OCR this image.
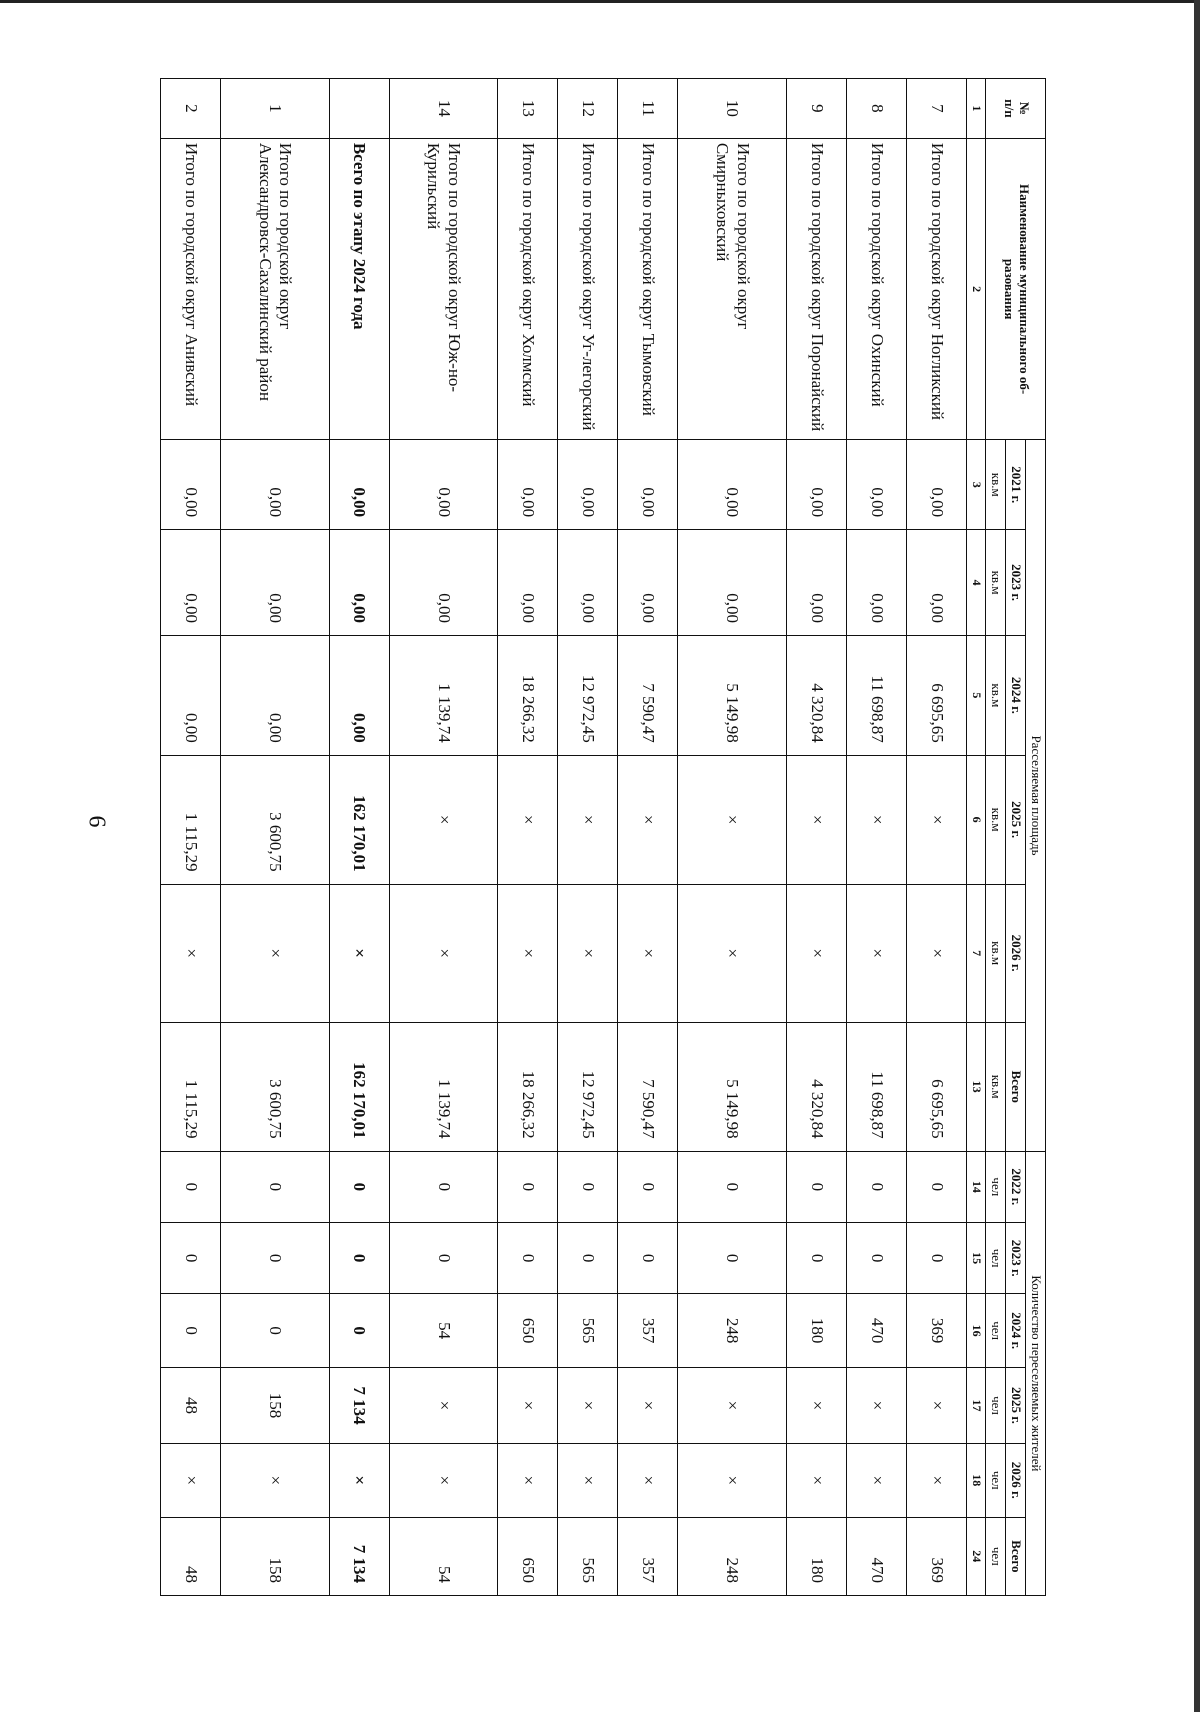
6
№
п/п	Наименование муниципального об-
разования	Расселяемая площадь						Количество переселяемых жителей					
		2021 г.	2023 г.	2024 г.	2025 г.	2026 г.	Всего	2022 г.	2023 г.	2024 г.	2025 г.	2026 г.	Всего
		кв.м	кв.м	кв.м	кв.м	кв.м	кв.м	чел	чел	чел	чел	чел	чел
1	2	3	4	5	6	7	13	14	15	16	17	18	24
7	Итого по городской округ Ногликский	0,00	0,00	6 695,65	×	×	6 695,65	0	0	369	×	×	369
8	Итого по городской округ Охинский	0,00	0,00	11 698,87	×	×	11 698,87	0	0	470	×	×	470
9	Итого по городской округ Поронайский	0,00	0,00	4 320,84	×	×	4 320,84	0	0	180	×	×	180
10	Итого по городской округ Смирныховский	0,00	0,00	5 149,98	×	×	5 149,98	0	0	248	×	×	248
11	Итого по городской округ Тымовский	0,00	0,00	7 590,47	×	×	7 590,47	0	0	357	×	×	357
12	Итого по городской округ Уг-легорский	0,00	0,00	12 972,45	×	×	12 972,45	0	0	565	×	×	565
13	Итого по городской округ Холмский	0,00	0,00	18 266,32	×	×	18 266,32	0	0	650	×	×	650
14	Итого по городской округ Юж-но-Курильский	0,00	0,00	1 139,74	×	×	1 139,74	0	0	54	×	×	54
	Всего по этапу 2024 года	0,00	0,00	0,00	162 170,01	×	162 170,01	0	0	0	7 134	×	7 134
1	Итого по городской округ Александровск-Сахалинский район	0,00	0,00	0,00	3 600,75	×	3 600,75	0	0	0	158	×	158
2	Итого по городской округ Анивский	0,00	0,00	0,00	1 115,29	×	1 115,29	0	0	0	48	×	48
